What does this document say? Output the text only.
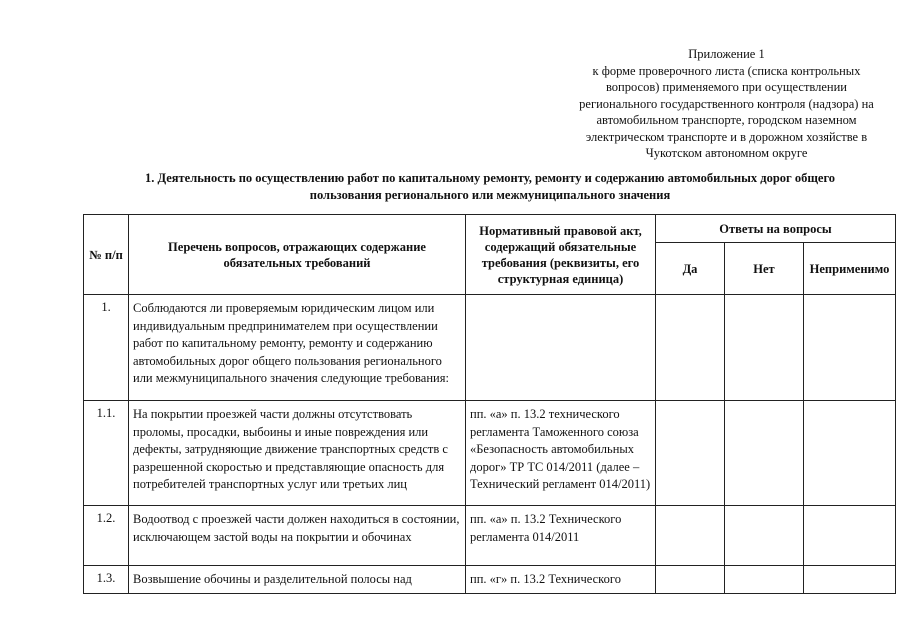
Приложение 1
к форме проверочного листа (списка контрольных
вопросов) применяемого при осуществлении
регионального государственного контроля (надзора) на
автомобильном транспорте, городском наземном
электрическом транспорте и в дорожном хозяйстве в
Чукотском автономном округе
1. Деятельность по осуществлению работ по капитальному ремонту, ремонту и содержанию автомобильных дорог общего
пользования регионального или межмуниципального значения
№ п/п	Перечень вопросов, отражающих содержание обязательных требований	Нормативный правовой акт, содержащий обязательные требования (реквизиты, его структурная единица)	Ответы на вопросы		
			Да	Нет	Неприменимо
1.	Соблюдаются ли проверяемым юридическим лицом или индивидуальным предпринимателем при осуществлении работ по капитальному ремонту, ремонту и содержанию автомобильных дорог общего пользования регионального или межмуниципального значения следующие требования:				
1.1.	На покрытии проезжей части должны отсутствовать проломы, просадки, выбоины и иные повреждения или дефекты, затрудняющие движение транспортных средств с разрешенной скоростью и представляющие опасность для потребителей транспортных услуг или третьих лиц	пп. «а» п. 13.2 технического регламента Таможенного союза «Безопасность автомобильных дорог» ТР ТС 014/2011 (далее – Технический регламент 014/2011)			
1.2.	Водоотвод с проезжей части должен находиться в состоянии, исключающем застой воды на покрытии и обочинах	пп. «а» п. 13.2 Технического регламента 014/2011			
1.3.	Возвышение обочины и разделительной полосы над	пп. «г» п. 13.2 Технического			
